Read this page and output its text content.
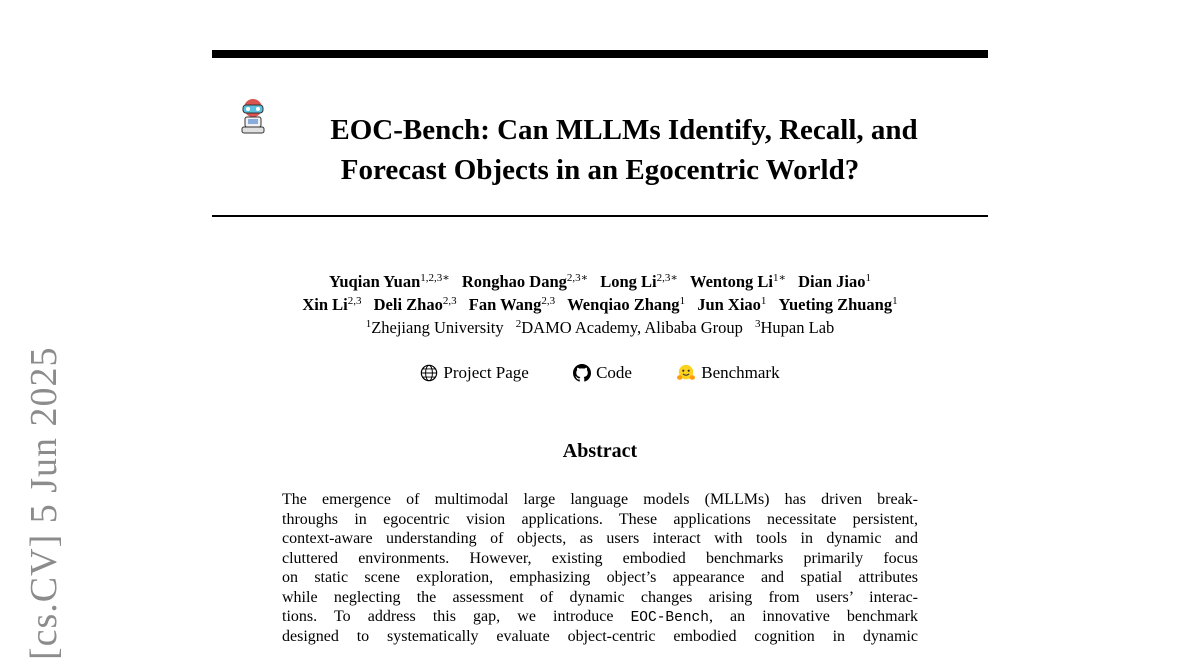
EOC-Bench: Can MLLMs Identify, Recall, and
Forecast Objects in an Egocentric World?
Yuqian Yuan$^{1,2,3∗}$ Ronghao Dang$^{2,3∗}$ Long $Li^{2,3∗}$ Wentong $Li^{1∗}$ Dian Jiao$^1$
Xin Li$^{2,3}$ Deli Zhao$^{2,3}$ Fan Wang$^{2,3}$ Wenqiao Zhang$^1$ Jun Xiao$^1$ Yueting Zhuang$^1$
$^1$Zhejiang University $^2$DAMO Academy, Alibaba Group $^3$Hupan Lab
Project Page
	Code
	Benchmark
Abstract
The emergence of multimodal large language models (MLLMs) has driven break-
throughs in egocentric vision applications. These applications necessitate persistent,
context-aware understanding of objects, as users interact with tools in dynamic and
cluttered environments. However, existing embodied benchmarks primarily focus
on static scene exploration, emphasizing object’s appearance and spatial attributes
while neglecting the assessment of dynamic changes arising from users’ interac-
tions. To address this gap, we introduce EOC-Bench, an innovative benchmark
designed to systematically evaluate object-centric embodied cognition in dynamic
[cs.CV] 5 Jun 2025
